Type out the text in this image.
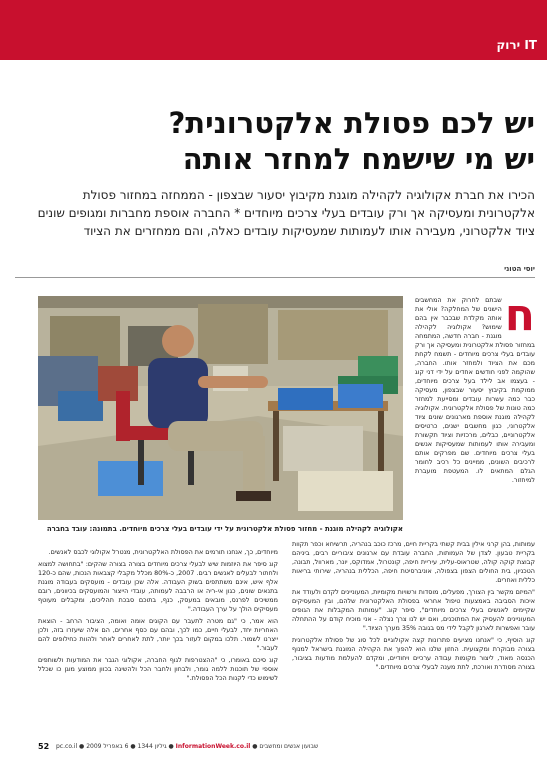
IT ירוק
יש לכם פסולת אלקטרונית?
יש מי שישמח למחזר אותה

הכירו את חברת אקולוגיה לקהילה מוגנת מקיבוץ יסעור שבצפון - הממחזה במחזור פסולת אלקטרונית ומעסיקה אך ורק עובדים בעלי צרכים מיוחדים * החברה אוספת מחברות ומגופים שונים ציוד אלקטרוני, מעבירה אותו לעמותות שמעסיקות עובדים כאלה, והם ממחזרים את הציוד

יוסי הטוני
ח
שבתם לחרוק את המחשבים הישנים של המחלקה? אולי את אותה מקלדת שבכבר אין בהם שימוש? אקולוגיה לקהילה מוגנת - חברה חדשה, המתמחה במחזור פסולת אלקטרונית ומעסיקה אך ורק עובדים בעלי צרכים מיוחדים - תשמח לקחת מכם את הציוד ולמחזר אותו. החברה, שהוקמה לפני חודשים אחדים על ידי דני קוג - בעצמו אב לילד בעל צרכים מיוחדים, ממוקמת בקיבוץ יסעור שבצפון, מעסיקה כבר כמה עשרות עובדים ומסייעת למחזר כמה טונות של פסולת אלקטרונית. אקולוגיה לקהילה מוגנת אוספת מארגונים שונים ציוד אלקטרוני, כגון מחשבים ישנים, כרטיסים אלקטרוניים, כבלים, מרכזיות וציוד תקשורת ומעבירה אותו לעמותות שמעסיקות אנשים בעלי צרכים מיוחדים. שם מפרקים אותם לרכיבים השונים, ממיינים כל רכיב לחומר הגלם המתאים לו. המעטפת מועברת למיחזור.

אקולוגיה לקהילה מוגנת - מחזור פסולת אלקטרונית על ידי עובדים בעלי צרכים מיוחדים. בתמונה: עובד בחברה

עמותות, בהן קרני אילין בבית קשתי בקריית חיים, מרכז כוכב בנהריה, תרשיחא וכפר תקוות בקריית טבעון. לצדן של העמותות, החברה עובדת עם ארגונים ציבוריים רבים, ביניהם קבוצת קוקה קולה, שטראוס-עלית, עיריית חיפה, קונטרול, אמדוקס, יונר, מארוול, תבונה, הטכניון, בית החולים הצפון בצפולה, אוניברסיטת חיפה, הכללית בנהריה, שירותי בריאות כללית ואחרים.

"המיזם מקשר בין הצורך, מפעלים, מוסדות ורשויות מקומיות, המעוניינים לקדם ולעודד את איכות הסביבה באמצעות טיפול אחראי בפסולת האלקטרונית שלהם, ובין המעסיקים שקיימים לאנשים בעלי צרכים מיוחדים", סיפר קוג. "עמותות המקבלות את הגופים המעוניינים להעסיק את המתוכנים, ואם יש לנו צרך נצלה - אני מוכיח קודם על ההתחלה עובר ואפשרות לארגון לקבל לידי מס בגובה 35% מערך הציוד."

קוג הוסיף, כי "אנחנו מציעים פתרונות קצה אקולוגיים לכל סוג של פסולת אלקטרונית בצורה מבוקרת ומקצועית. החזון שלנו הוא להפוך את הקהילה המוגנת בישראל למנוף הכנסה מאוד, ליצור מקומות עבודה ערכיים ויחודיים, ומקדם להעלמת מודעות בציבור, בצורה מסודרת ואורכת, לתת מענה לבעלי צרכים מיוחדים."

מיוחדים, כך, אנחנו תורמים את הפסולת האלקטרונית, מנטרל אקולוגי לכבס לאנשים.

קוג סיפר את היוזמות שיש לבעלי צרכים מיוחדים בצורה בצורה שהקים: "בתחושה למצוא ולחתור לבעלים לאנשים רבים. 2007, כ-80% מכלל מקבלי קצבאות הנכות, שהם כ-120 אלף איש, אינם משתתפים בשוק העבודה. אלה שכן עובדים - מועסקים בעבודה מוגנת בתנאים שונים, כגון אי-ריה או הרבבה לעמותה, עובדי הייצור והמועסקים בכיוונים, רובם ממשיכים לפרנס, מובאים במעסק, כנף, בתוכם סבכת תהליכים, ומקבלים מעוטף מעסיקים הולך על ערך העבודה."

הוא אמר, כי "גם מטרה לתעבר עם הקוגים אומה ואומה, הציבור הרחב - הוצאת האחריות יחד, לבעלי חיים, כמו לכך, ובהם עם כסף אחרים, הם אלה שיעזרו בזה, ולכן ייצרנו לשמור. תלכו במקום לעזור בכך יותר, לתת לאחרים לאחר ולהוות כחילופים להם לעבור."

קוג סיכם באומרו, כי "ההצטרפות לגוף החברה, אקולוגי הגבר את המודעות ולשותפים אוספי של תוכנות ללמה גומר, ולבחון ולחבר הכל ולהשיגה בכוון ממוצע מוגן כו שכלל לשימוש כדי לקנות הכל הפסולת."

52	שבועון אנשים ומחשבים ● InformationWeek.co.il ● גיליון 1344 ● 6 באפריל 2009 ● pc.co.il
